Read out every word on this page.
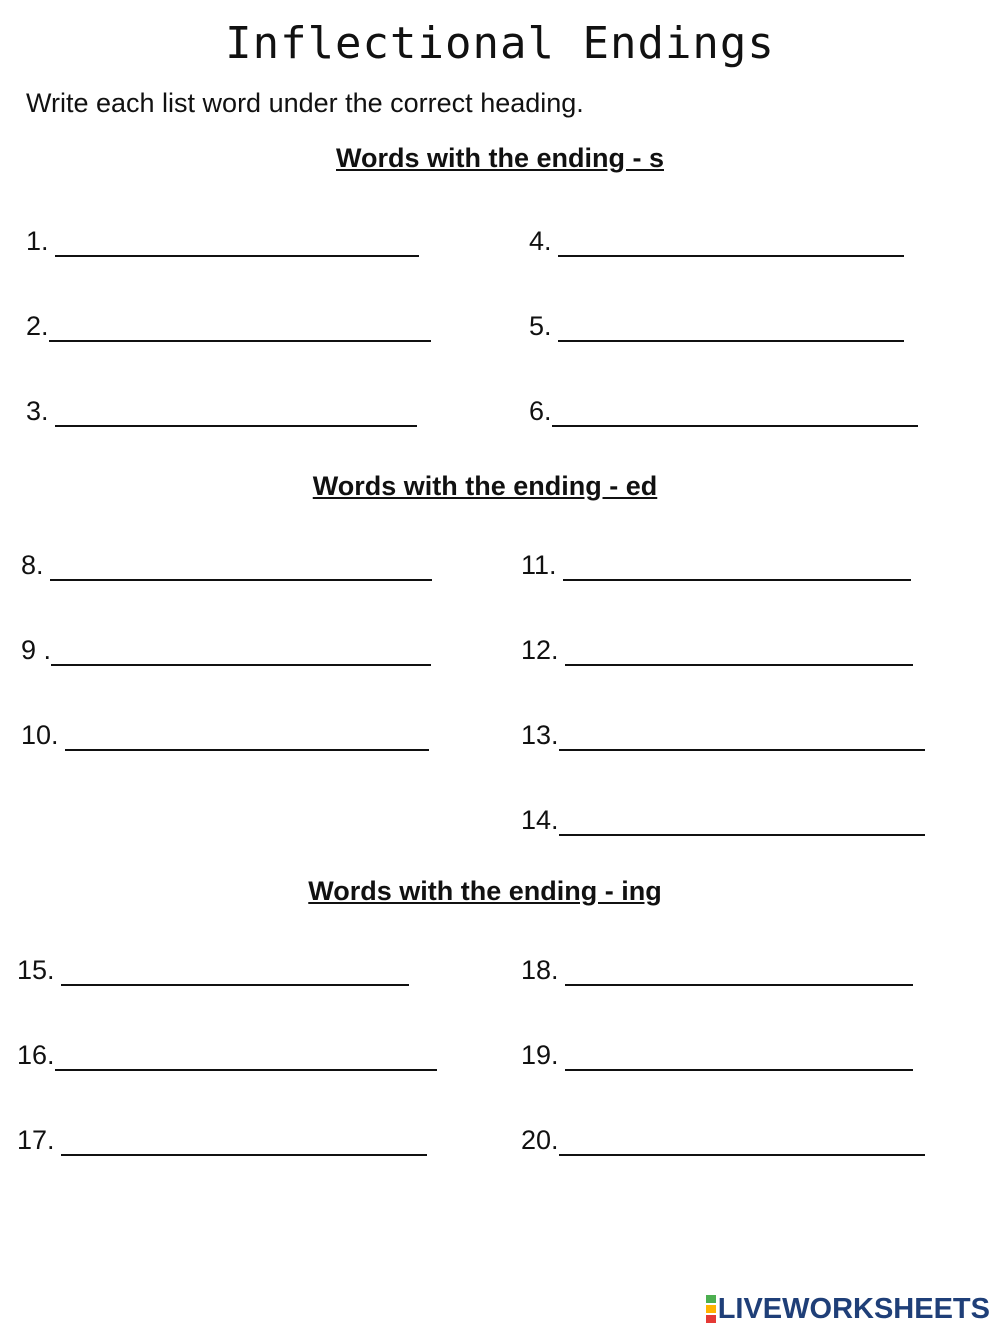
Inflectional Endings

Write each list word under the correct heading.

Words with the ending - s
1.
2.
3.
4.
5.
6.
Words with the ending - ed
8.
9 .
10.
11.
12.
13.
14.
Words with the ending - ing
15.
16.
17.
18.
19.
20.
LIVEWORKSHEETS
